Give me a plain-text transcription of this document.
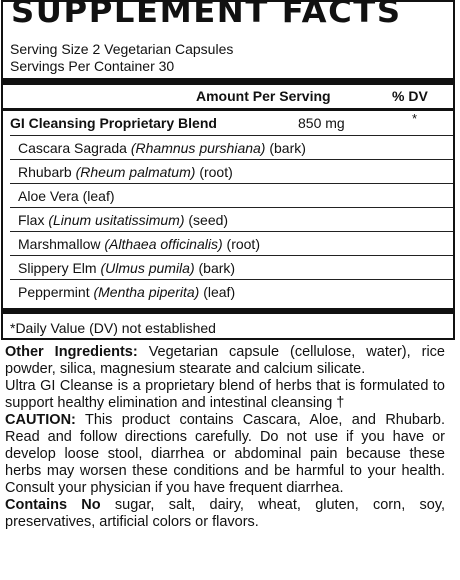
SUPPLEMENT FACTS
Serving Size 2 Vegetarian Capsules
Servings Per Container 30
Amount Per Serving	% DV
GI Cleansing Proprietary Blend	850 mg	*
Cascara Sagrada (Rhamnus purshiana) (bark)
Rhubarb (Rheum palmatum) (root)
Aloe Vera (leaf)
Flax (Linum usitatissimum) (seed)
Marshmallow (Althaea officinalis) (root)
Slippery Elm (Ulmus pumila) (bark)
Peppermint (Mentha piperita) (leaf)
*Daily Value (DV) not established
Other Ingredients: Vegetarian capsule (cellulose, water), rice powder, silica, magnesium stearate and calcium silicate.
Ultra GI Cleanse is a proprietary blend of herbs that is formulated to support healthy elimination and intestinal cleansing †
CAUTION: This product contains Cascara, Aloe, and Rhubarb. Read and follow directions carefully. Do not use if you have or develop loose stool, diarrhea or abdominal pain because these herbs may worsen these conditions and be harmful to your health. Consult your physician if you have frequent diarrhea.
Contains No sugar, salt, dairy, wheat, gluten, corn, soy, preservatives, artificial colors or flavors.
